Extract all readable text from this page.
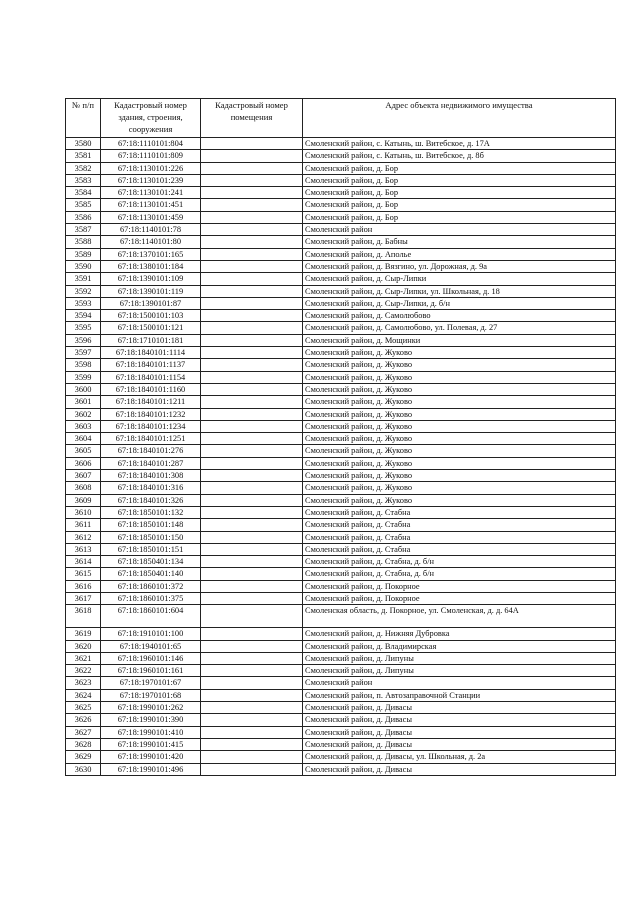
№ п/п	Кадастровый номер здания, строения, сооружения	Кадастровый номер помещения	Адрес объекта недвижимого имущества
3580	67:18:1110101:804		Смоленский район, с. Катынь, ш. Витебское, д. 17А
3581	67:18:1110101:809		Смоленский район, с. Катынь, ш. Витебское, д. 8б
3582	67:18:1130101:226		Смоленский район, д. Бор
3583	67:18:1130101:239		Смоленский район, д. Бор
3584	67:18:1130101:241		Смоленский район, д. Бор
3585	67:18:1130101:451		Смоленский район, д. Бор
3586	67:18:1130101:459		Смоленский район, д. Бор
3587	67:18:1140101:78		Смоленский район
3588	67:18:1140101:80		Смоленский район, д. Бабны
3589	67:18:1370101:165		Смоленский район, д. Аполье
3590	67:18:1380101:184		Смоленский район, д. Вязгино, ул. Дорожная, д. 9а
3591	67:18:1390101:109		Смоленский район, д. Сыр-Липки
3592	67:18:1390101:119		Смоленский район, д. Сыр-Липки, ул. Школьная, д. 18
3593	67:18:1390101:87		Смоленский район, д. Сыр-Липки, д. б/н
3594	67:18:1500101:103		Смоленский район, д. Самолюбово
3595	67:18:1500101:121		Смоленский район, д. Самолюбово, ул. Полевая, д. 27
3596	67:18:1710101:181		Смоленский район, д. Мощинки
3597	67:18:1840101:1114		Смоленский район, д. Жуково
3598	67:18:1840101:1137		Смоленский район, д. Жуково
3599	67:18:1840101:1154		Смоленский район, д. Жуково
3600	67:18:1840101:1160		Смоленский район, д. Жуково
3601	67:18:1840101:1211		Смоленский район, д. Жуково
3602	67:18:1840101:1232		Смоленский район, д. Жуково
3603	67:18:1840101:1234		Смоленский район, д. Жуково
3604	67:18:1840101:1251		Смоленский район, д. Жуково
3605	67:18:1840101:276		Смоленский район, д. Жуково
3606	67:18:1840101:287		Смоленский район, д. Жуково
3607	67:18:1840101:308		Смоленский район, д. Жуково
3608	67:18:1840101:316		Смоленский район, д. Жуково
3609	67:18:1840101:326		Смоленский район, д. Жуково
3610	67:18:1850101:132		Смоленский район, д. Стабна
3611	67:18:1850101:148		Смоленский район, д. Стабна
3612	67:18:1850101:150		Смоленский район, д. Стабна
3613	67:18:1850101:151		Смоленский район, д. Стабна
3614	67:18:1850401:134		Смоленский район, д. Стабна, д. б/н
3615	67:18:1850401:140		Смоленский район, д. Стабна, д. б/н
3616	67:18:1860101:372		Смоленский район, д. Покорное
3617	67:18:1860101:375		Смоленский район, д. Покорное
3618	67:18:1860101:604		Смоленская область, д. Покорное, ул. Смоленская, д. д. 64А
3619	67:18:1910101:100		Смоленский район, д. Нижняя Дубровка
3620	67:18:1940101:65		Смоленский район, д. Владимирская
3621	67:18:1960101:146		Смоленский район, д. Липуны
3622	67:18:1960101:161		Смоленский район, д. Липуны
3623	67:18:1970101:67		Смоленский район
3624	67:18:1970101:68		Смоленский район, п. Автозаправочной Станции
3625	67:18:1990101:262		Смоленский район, д. Дивасы
3626	67:18:1990101:390		Смоленский район, д. Дивасы
3627	67:18:1990101:410		Смоленский район, д. Дивасы
3628	67:18:1990101:415		Смоленский район, д. Дивасы
3629	67:18:1990101:420		Смоленский район, д. Дивасы, ул. Школьная, д. 2а
3630	67:18:1990101:496		Смоленский район, д. Дивасы
